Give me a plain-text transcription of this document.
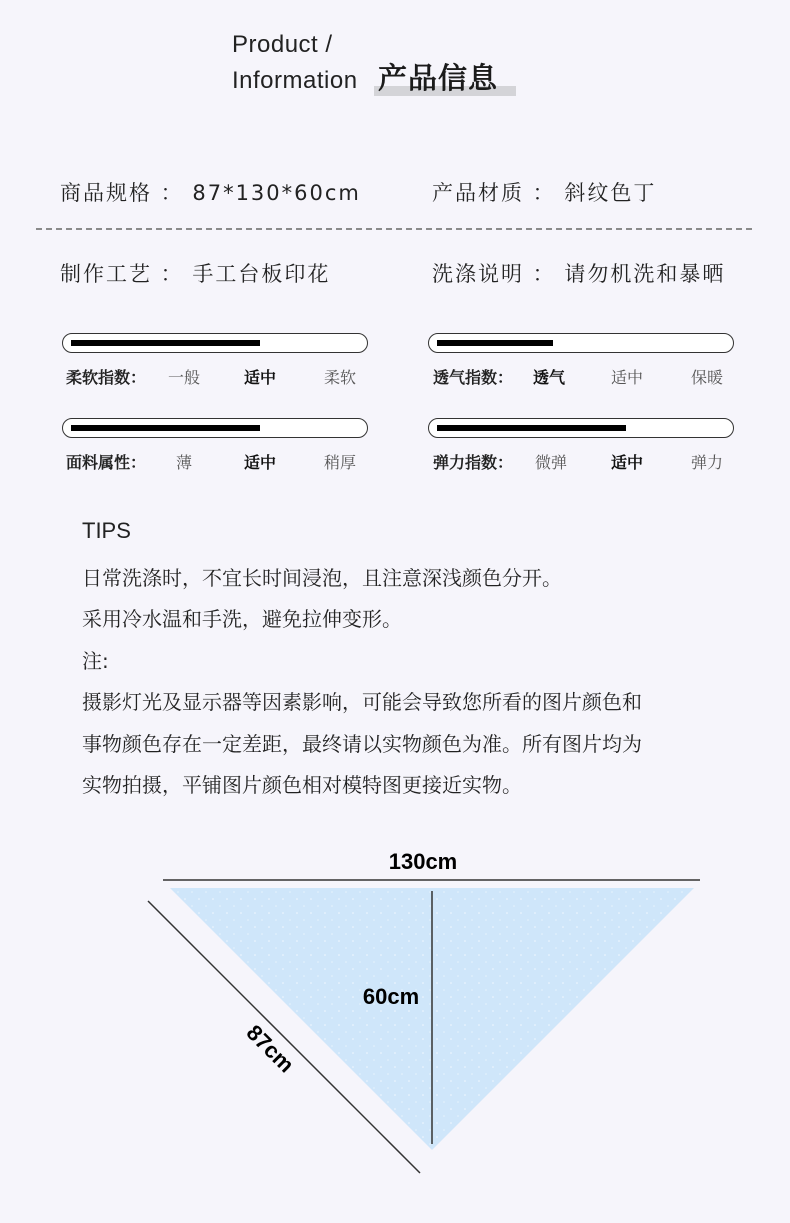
Product /
Information 产品信息
商品规格 ： 87*130*60cm	产品材质 ： 斜纹色丁
制作工艺 ： 手工台板印花	洗涤说明 ： 请勿机洗和暴晒
柔软指数： 一般	适中	柔软	透气指数： 透气	适中	保暖
面料属性： 薄	适中	稍厚	弹力指数： 微弹	适中	弹力
TIPS
日常洗涤时，不宜长时间浸泡，且注意深浅颜色分开。
采用冷水温和手洗，避免拉伸变形。
注:
摄影灯光及显示器等因素影响，可能会导致您所看的图片颜色和
事物颜色存在一定差距，最终请以实物颜色为准。所有图片均为
实物拍摄，平铺图片颜色相对模特图更接近实物。
130cm
60cm
87cm
